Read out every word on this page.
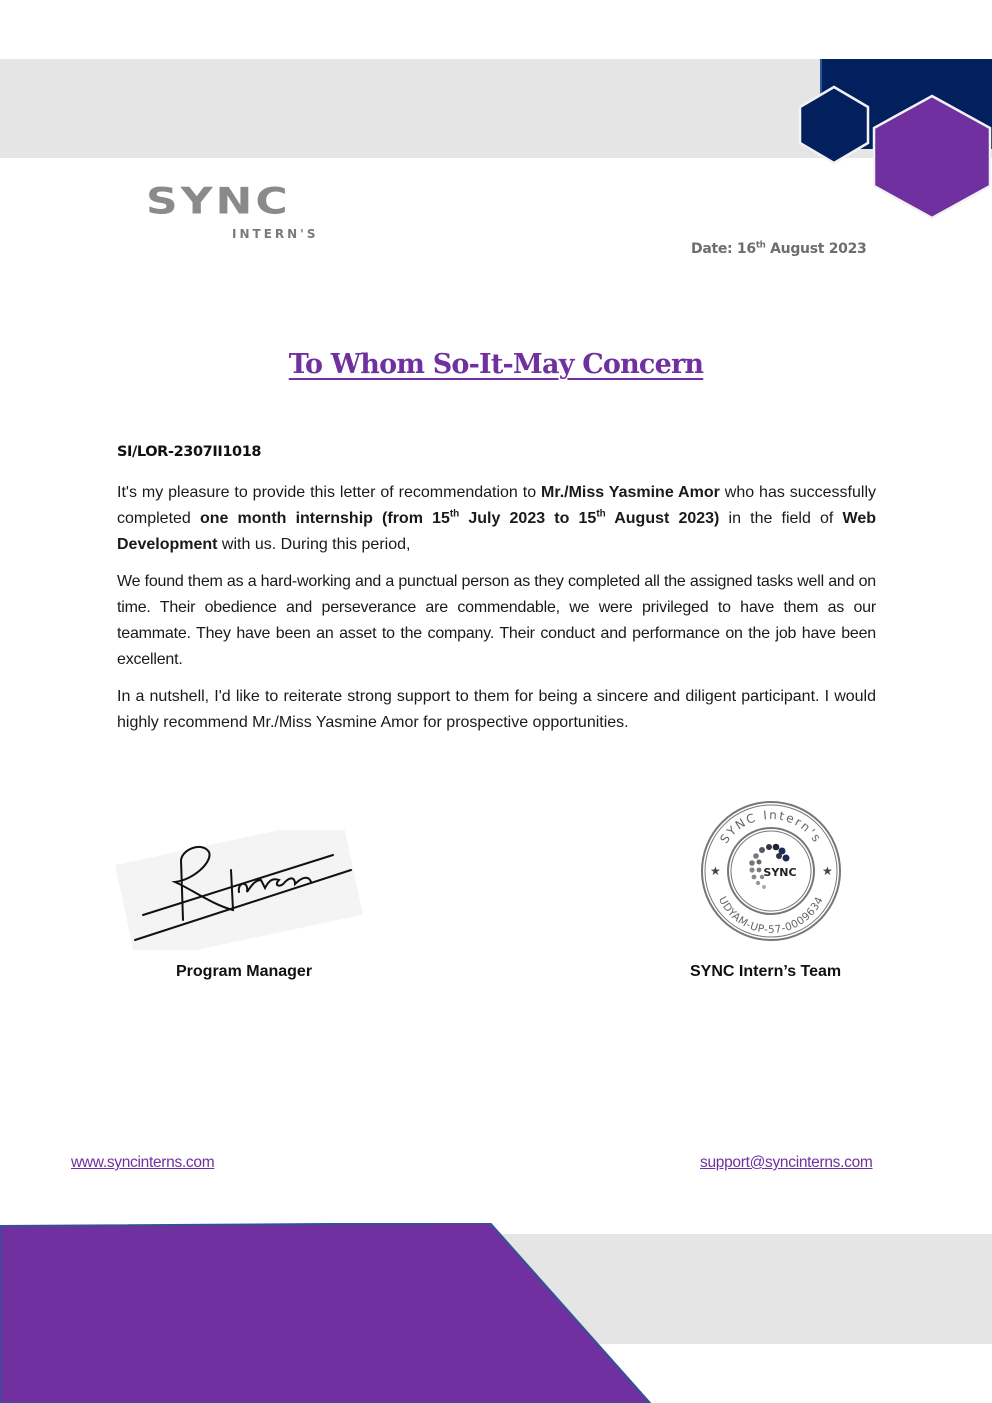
SYNC
INTERN'S
Date: 16th August 2023
To Whom So-It-May Concern
SI/LOR-2307II1018
It's my pleasure to provide this letter of recommendation to Mr./Miss Yasmine Amor who has successfully completed one month internship (from 15th July 2023 to 15th August 2023) in the field of Web Development with us. During this period,
We found them as a hard-working and a punctual person as they completed all the assigned tasks well and on time. Their obedience and perseverance are commendable, we were privileged to have them as our teammate. They have been an asset to the company. Their conduct and performance on the job have been excellent.
In a nutshell, I'd like to reiterate strong support to them for being a sincere and diligent participant. I would highly recommend Mr./Miss Yasmine Amor for prospective opportunities.
Program Manager
SYNC Intern's
UDYAM-UP-57-0009634
★	★
SYNC
SYNC Intern’s Team
www.syncinterns.com	support@syncinterns.com
